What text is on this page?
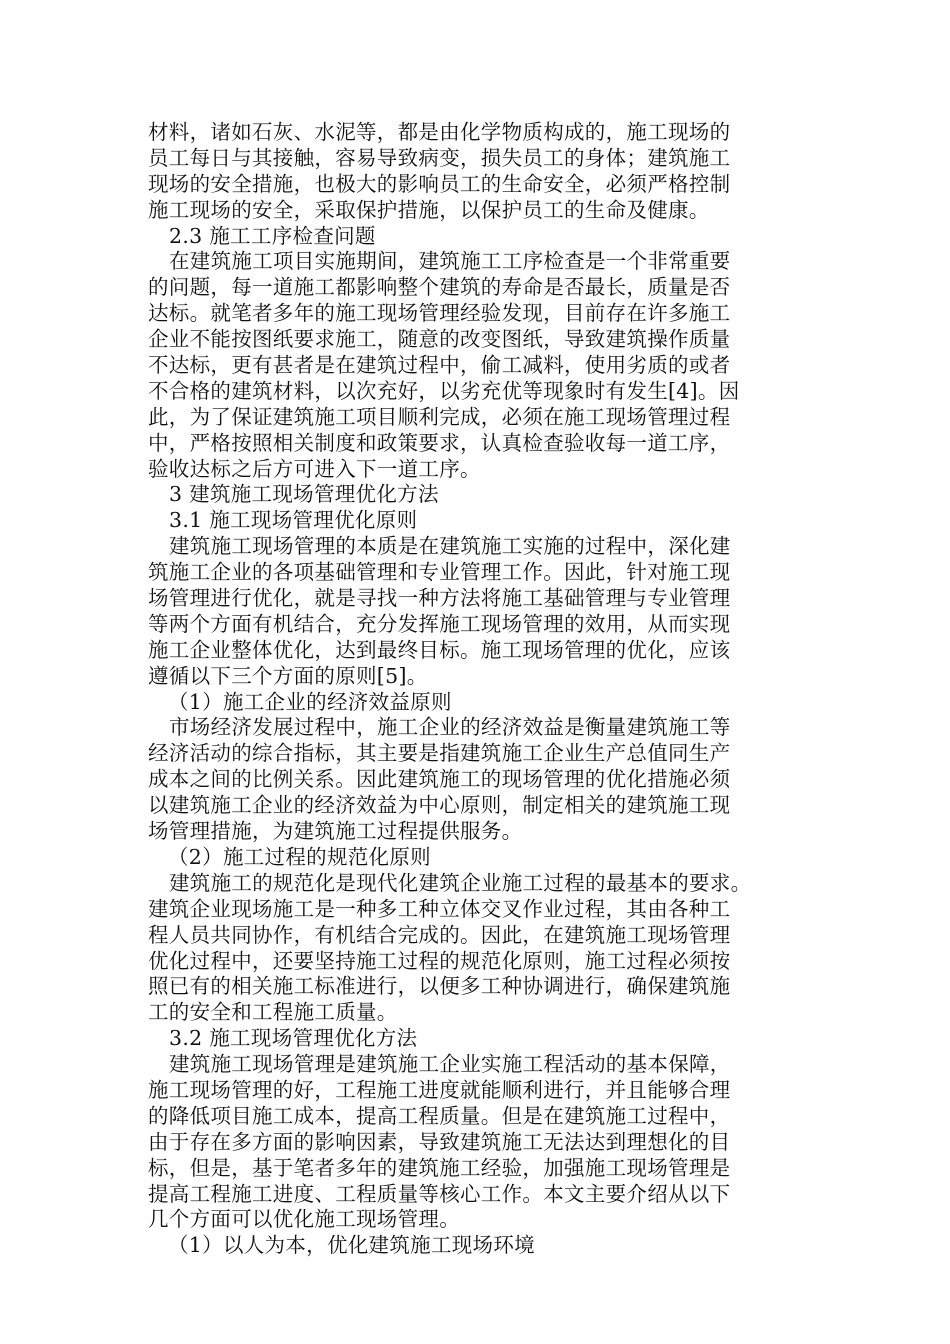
材料，诸如石灰、水泥等，都是由化学物质构成的，施工现场的
员工每日与其接触，容易导致病变，损失员工的身体；建筑施工
现场的安全措施，也极大的影响员工的生命安全，必须严格控制
施工现场的安全，采取保护措施，以保护员工的生命及健康。
2.3 施工工序检查问题
在建筑施工项目实施期间，建筑施工工序检查是一个非常重要
的问题，每一道施工都影响整个建筑的寿命是否最长，质量是否
达标。就笔者多年的施工现场管理经验发现，目前存在许多施工
企业不能按图纸要求施工，随意的改变图纸，导致建筑操作质量
不达标，更有甚者是在建筑过程中，偷工减料，使用劣质的或者
不合格的建筑材料，以次充好，以劣充优等现象时有发生[4]。因
此，为了保证建筑施工项目顺利完成，必须在施工现场管理过程
中，严格按照相关制度和政策要求，认真检查验收每一道工序，
验收达标之后方可进入下一道工序。
3 建筑施工现场管理优化方法
3.1 施工现场管理优化原则
建筑施工现场管理的本质是在建筑施工实施的过程中，深化建
筑施工企业的各项基础管理和专业管理工作。因此，针对施工现
场管理进行优化，就是寻找一种方法将施工基础管理与专业管理
等两个方面有机结合，充分发挥施工现场管理的效用，从而实现
施工企业整体优化，达到最终目标。施工现场管理的优化，应该
遵循以下三个方面的原则[5]。
（1）施工企业的经济效益原则
市场经济发展过程中，施工企业的经济效益是衡量建筑施工等
经济活动的综合指标，其主要是指建筑施工企业生产总值同生产
成本之间的比例关系。因此建筑施工的现场管理的优化措施必须
以建筑施工企业的经济效益为中心原则，制定相关的建筑施工现
场管理措施，为建筑施工过程提供服务。
（2）施工过程的规范化原则
建筑施工的规范化是现代化建筑企业施工过程的最基本的要求。
建筑企业现场施工是一种多工种立体交叉作业过程，其由各种工
程人员共同协作，有机结合完成的。因此，在建筑施工现场管理
优化过程中，还要坚持施工过程的规范化原则，施工过程必须按
照已有的相关施工标准进行，以便多工种协调进行，确保建筑施
工的安全和工程施工质量。
3.2 施工现场管理优化方法
建筑施工现场管理是建筑施工企业实施工程活动的基本保障，
施工现场管理的好，工程施工进度就能顺利进行，并且能够合理
的降低项目施工成本，提高工程质量。但是在建筑施工过程中，
由于存在多方面的影响因素，导致建筑施工无法达到理想化的目
标，但是，基于笔者多年的建筑施工经验，加强施工现场管理是
提高工程施工进度、工程质量等核心工作。本文主要介绍从以下
几个方面可以优化施工现场管理。
（1）以人为本，优化建筑施工现场环境
